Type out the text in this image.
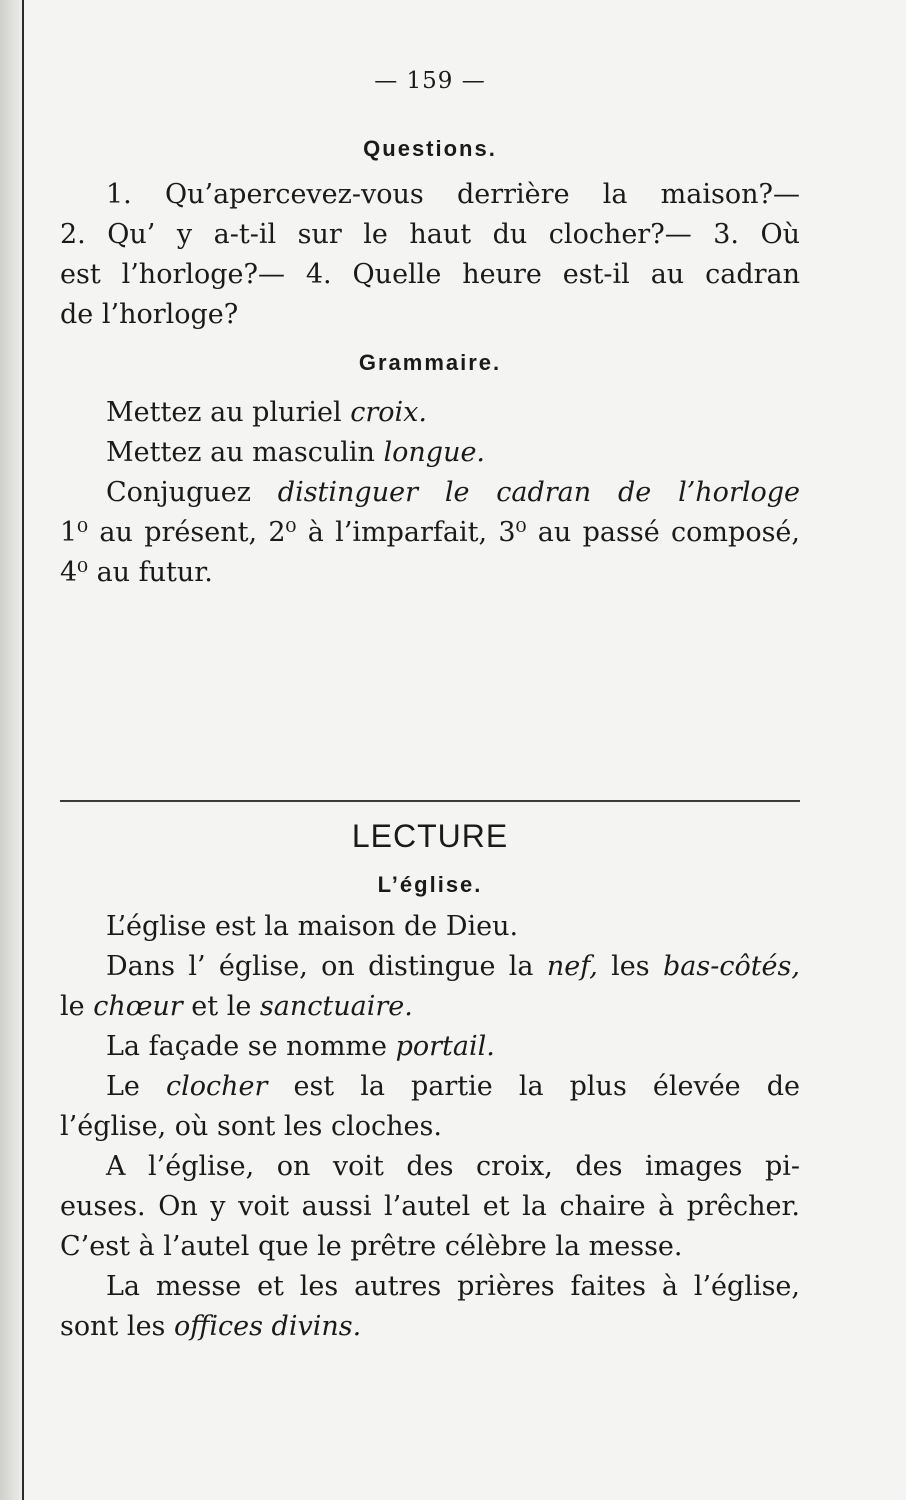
— 159 —
Questions.

1. Qu’apercevez-vous derrière la maison?—

2. Qu’ y a-t-il sur le haut du clocher?— 3. Où

est l’horloge?— 4. Quelle heure est-il au cadran

de l’horloge?

Grammaire.

Mettez au pluriel croix.

Mettez au masculin longue.

Conjuguez distinguer le cadran de l’horloge

1⁰ au présent, 2⁰ à l’imparfait, 3⁰ au passé composé,

4⁰ au futur.

LECTURE
L’église.

L’église est la maison de Dieu.

Dans l’ église, on distingue la nef, les bas-côtés,

le chœur et le sanctuaire.

La façade se nomme portail.

Le clocher est la partie la plus élevée de

l’église, où sont les cloches.

A l’église, on voit des croix, des images pi-

euses. On y voit aussi l’autel et la chaire à prêcher.

C’est à l’autel que le prêtre célèbre la messe.

La messe et les autres prières faites à l’église,

sont les offices divins.
